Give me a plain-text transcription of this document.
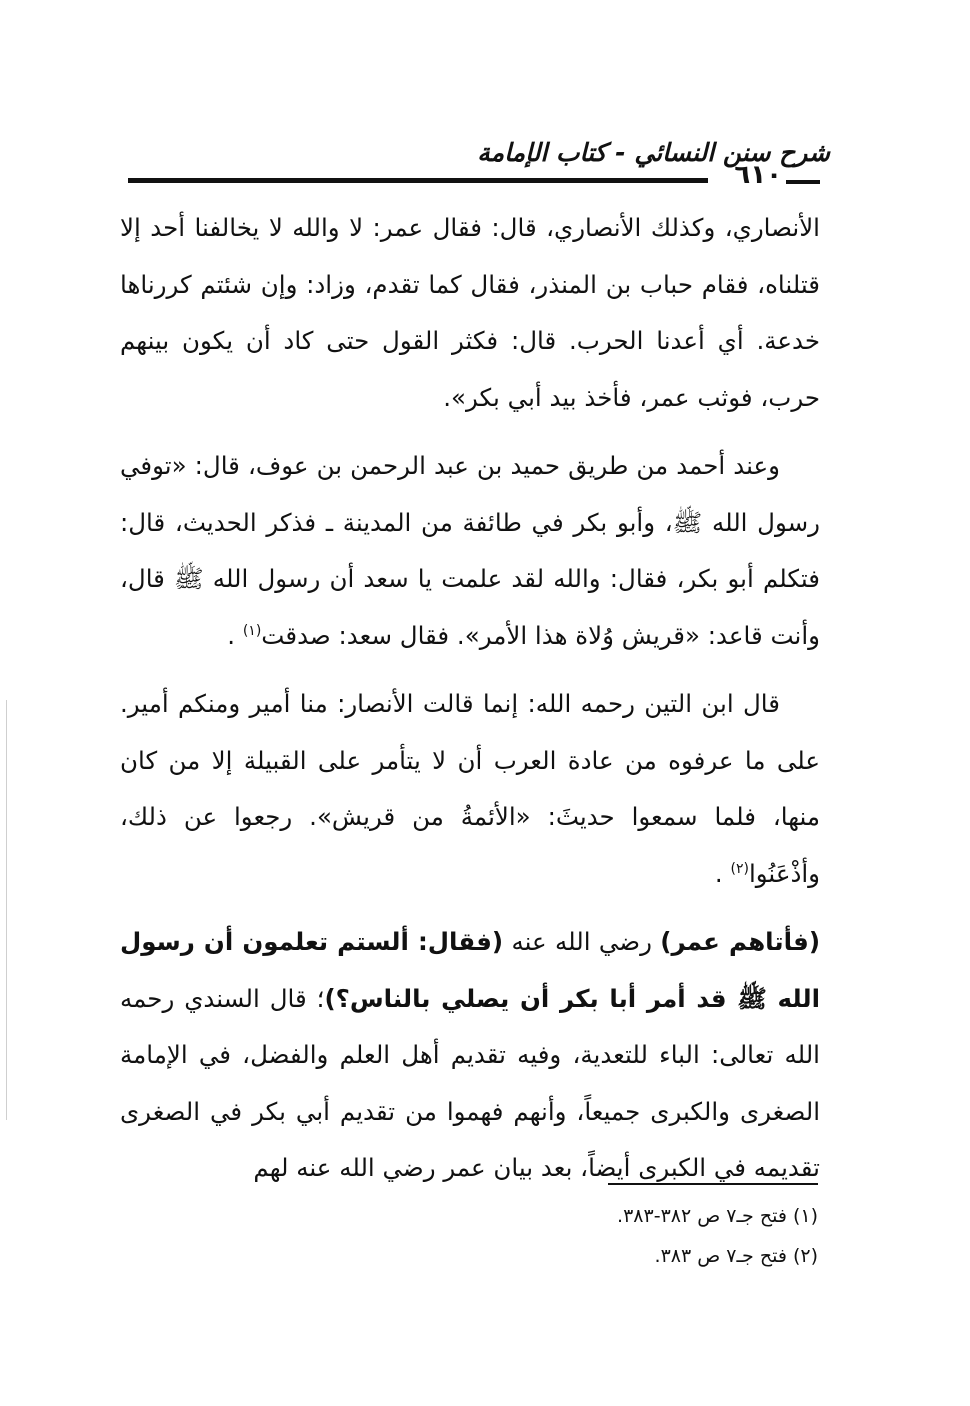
شرح سنن النسائي - كتاب الإمامة
٦١٠

الأنصاري، وكذلك الأنصاري، قال: فقال عمر: لا والله لا يخالفنا أحد إلا قتلناه، فقام حباب بن المنذر، فقال كما تقدم، وزاد: وإن شئتم كررناها خدعة. أي أعدنا الحرب. قال: فكثر القول حتى كاد أن يكون بينهم حرب، فوثب عمر، فأخذ بيد أبي بكر».

وعند أحمد من طريق حميد بن عبد الرحمن بن عوف، قال: «توفي رسول الله ﷺ، وأبو بكر في طائفة من المدينة ـ فذكر الحديث، قال: فتكلم أبو بكر، فقال: والله لقد علمت يا سعد أن رسول الله ﷺ قال، وأنت قاعد: «قريش وُلاة هذا الأمر». فقال سعد: صدقت$^{(١)}$ .

قال ابن التين رحمه الله: إنما قالت الأنصار: منا أمير ومنكم أمير. على ما عرفوه من عادة العرب أن لا يتأمر على القبيلة إلا من كان منها، فلما سمعوا حديثَ: «الأئمةُ من قريش». رجعوا عن ذلك، وأذْعَنُوا$^{(٢)}$ .

(فأتاهم عمر) رضي الله عنه (فقال: ألستم تعلمون أن رسول الله ﷺ قد أمر أبا بكر أن يصلي بالناس؟)؛ قال السندي رحمه الله تعالى: الباء للتعدية، وفيه تقديم أهل العلم والفضل، في الإمامة الصغرى والكبرى جميعاً، وأنهم فهموا من تقديم أبي بكر في الصغرى تقديمه في الكبرى أيضاً، بعد بيان عمر رضي الله عنه لهم

(١) فتح جـ٧ ص ٣٨٢-٣٨٣.
(٢) فتح جـ٧ ص ٣٨٣.
